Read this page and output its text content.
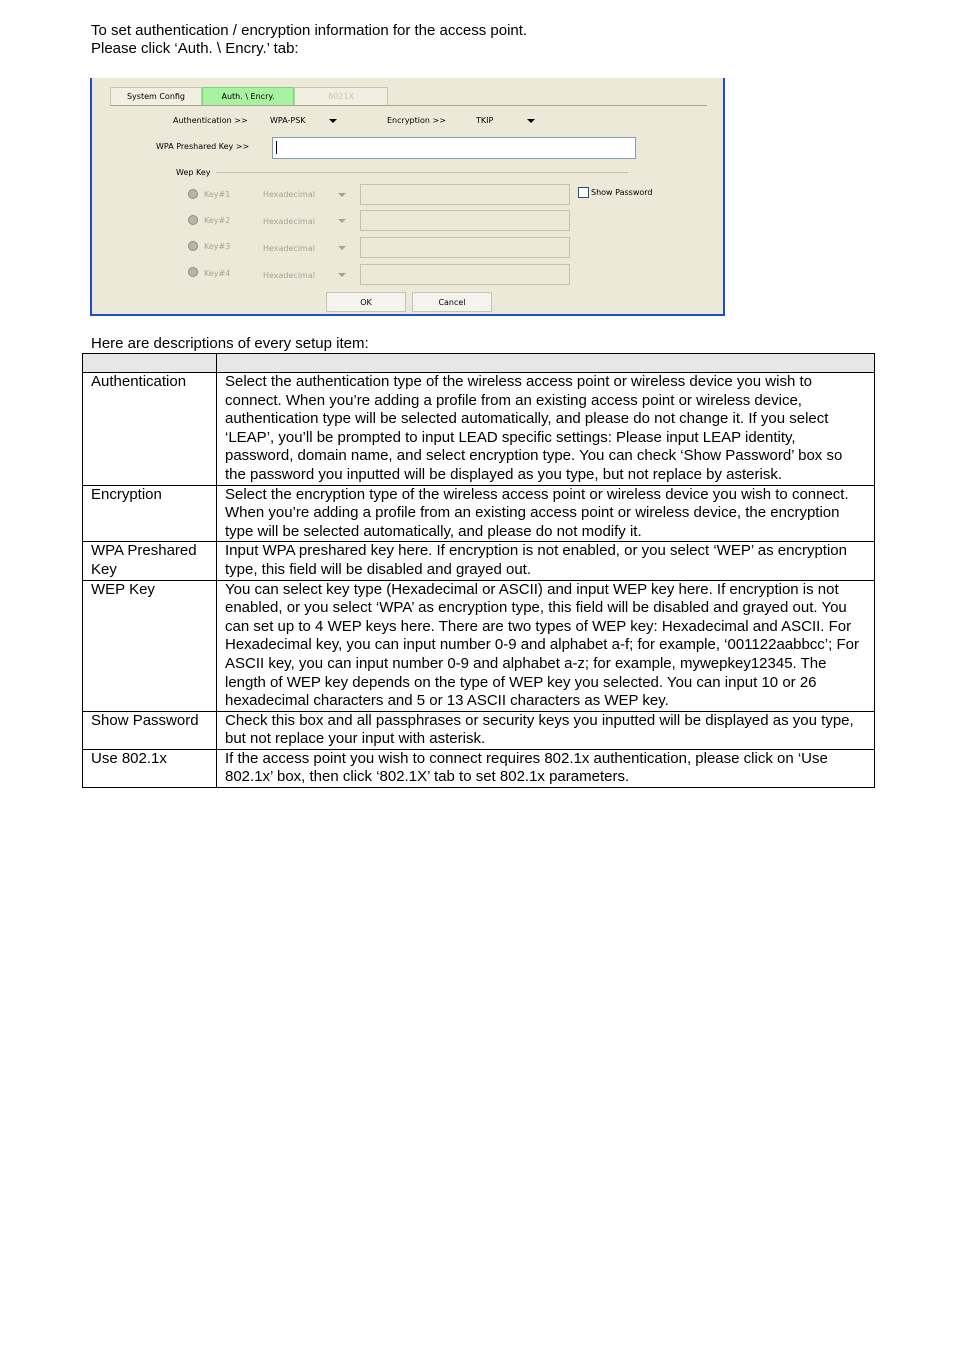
To set authentication / encryption information for the access point.
Please click ‘Auth. \ Encry.’ tab:
System Config	Auth. \ Encry.	8021X
Authentication >>	WPA-PSK	Encryption >>	TKIP
WPA Preshared Key >>
Wep Key
Key#1	Hexadecimal	Show Password
Key#2	Hexadecimal
Key#3	Hexadecimal
Key#4	Hexadecimal
OK	Cancel
Here are descriptions of every setup item:

Authentication	Select the authentication type of the wireless access point or wireless device you wish to connect. When you’re adding a profile from an existing access point or wireless device, authentication type will be selected automatically, and please do not change it. If you select ‘LEAP’, you’ll be prompted to input LEAD specific settings: Please input LEAP identity, password, domain name, and select encryption type. You can check ‘Show Password’ box so the password you inputted will be displayed as you type, but not replace by asterisk.
Encryption	Select the encryption type of the wireless access point or wireless device you wish to connect. When you’re adding a profile from an existing access point or wireless device, the encryption type will be selected automatically, and please do not modify it.
WPA Preshared Key	Input WPA preshared key here. If encryption is not enabled, or you select ‘WEP’ as encryption type, this field will be disabled and grayed out.
WEP Key	You can select key type (Hexadecimal or ASCII) and input WEP key here. If encryption is not enabled, or you select ‘WPA’ as encryption type, this field will be disabled and grayed out. You can set up to 4 WEP keys here. There are two types of WEP key: Hexadecimal and ASCII. For Hexadecimal key, you can input number 0-9 and alphabet a-f; for example, ‘001122aabbcc’; For ASCII key, you can input number 0-9 and alphabet a-z; for example, mywepkey12345. The length of WEP key depends on the type of WEP key you selected. You can input 10 or 26 hexadecimal characters and 5 or 13 ASCII characters as WEP key.
Show Password	Check this box and all passphrases or security keys you inputted will be displayed as you type, but not replace your input with asterisk.
Use 802.1x	If the access point you wish to connect requires 802.1x authentication, please click on ‘Use 802.1x’ box, then click ‘802.1X’ tab to set 802.1x parameters.
